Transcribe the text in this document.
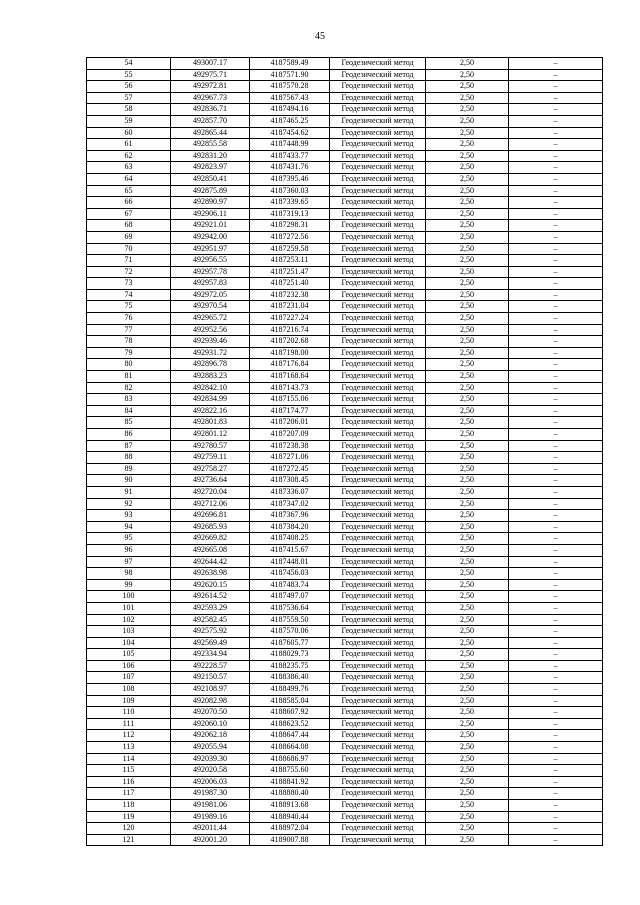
45
54	493007.17	4187589.49	Геодезический метод	2,50	–
55	492975.71	4187571.90	Геодезический метод	2,50	–
56	492972.81	4187570.28	Геодезический метод	2,50	–
57	492967.73	4187567.43	Геодезический метод	2,50	–
58	492836.71	4187494.16	Геодезический метод	2,50	–
59	492857.70	4187465.25	Геодезический метод	2,50	–
60	492865.44	4187454.62	Геодезический метод	2,50	–
61	492855.58	4187448.99	Геодезический метод	2,50	–
62	492831.20	4187433.77	Геодезический метод	2,50	–
63	492823.97	4187431.76	Геодезический метод	2,50	–
64	492850.41	4187395.46	Геодезический метод	2,50	–
65	492875.89	4187360.03	Геодезический метод	2,50	–
66	492890.97	4187339.65	Геодезический метод	2,50	–
67	492906.11	4187319.13	Геодезический метод	2,50	–
68	492921.01	4187298.31	Геодезический метод	2,50	–
69	492942.00	4187272.56	Геодезический метод	2,50	–
70	492951.97	4187259.58	Геодезический метод	2,50	–
71	492956.55	4187253.11	Геодезический метод	2,50	–
72	492957.78	4187251.47	Геодезический метод	2,50	–
73	492957.83	4187251.40	Геодезический метод	2,50	–
74	492972.05	4187232.38	Геодезический метод	2,50	–
75	492970.54	4187231.04	Геодезический метод	2,50	–
76	492965.72	4187227.24	Геодезический метод	2,50	–
77	492952.56	4187216.74	Геодезический метод	2,50	–
78	492939.46	4187202.68	Геодезический метод	2,50	–
79	492931.72	4187198.00	Геодезический метод	2,50	–
80	492896.78	4187176.84	Геодезический метод	2,50	–
81	492883.23	4187168.64	Геодезический метод	2,50	–
82	492842.10	4187143.73	Геодезический метод	2,50	–
83	492834.99	4187155.06	Геодезический метод	2,50	–
84	492822.16	4187174.77	Геодезический метод	2,50	–
85	492801.83	4187206.01	Геодезический метод	2,50	–
86	492801.12	4187207.09	Геодезический метод	2,50	–
87	492780.57	4187238.38	Геодезический метод	2,50	–
88	492759.11	4187271.06	Геодезический метод	2,50	–
89	492758.27	4187272.45	Геодезический метод	2,50	–
90	492736.64	4187308.45	Геодезический метод	2,50	–
91	492720.04	4187336.07	Геодезический метод	2,50	–
92	492712.06	4187347.02	Геодезический метод	2,50	–
93	492696.81	4187367.96	Геодезический метод	2,50	–
94	492685.93	4187384.20	Геодезический метод	2,50	–
95	492669.82	4187408.25	Геодезический метод	2,50	–
96	492665.08	4187415.67	Геодезический метод	2,50	–
97	492644.42	4187448.01	Геодезический метод	2,50	–
98	492638.98	4187456.03	Геодезический метод	2,50	–
99	492620.15	4187483.74	Геодезический метод	2,50	–
100	492614.52	4187497.07	Геодезический метод	2,50	–
101	492593.29	4187536.64	Геодезический метод	2,50	–
102	492582.45	4187559.50	Геодезический метод	2,50	–
103	492575.92	4187570.06	Геодезический метод	2,50	–
104	492569.49	4187605.77	Геодезический метод	2,50	–
105	492334.94	4188029.73	Геодезический метод	2,50	–
106	492228.57	4188235.75	Геодезический метод	2,50	–
107	492150.57	4188386.40	Геодезический метод	2,50	–
108	492108.97	4188499.76	Геодезический метод	2,50	–
109	492082.98	4188585.04	Геодезический метод	2,50	–
110	492070.50	4188607.92	Геодезический метод	2,50	–
111	492060.10	4188623.52	Геодезический метод	2,50	–
112	492062.18	4188647.44	Геодезический метод	2,50	–
113	492055.94	4188664.08	Геодезический метод	2,50	–
114	492039.30	4188686.97	Геодезический метод	2,50	–
115	492020.58	4188755.60	Геодезический метод	2,50	–
116	492006.03	4188841.92	Геодезический метод	2,50	–
117	491987.30	4188880.40	Геодезический метод	2,50	–
118	491981.06	4188913.68	Геодезический метод	2,50	–
119	491989.16	4188940.44	Геодезический метод	2,50	–
120	492011.44	4188972.04	Геодезический метод	2,50	–
121	492001.20	4189007.88	Геодезический метод	2,50	–
